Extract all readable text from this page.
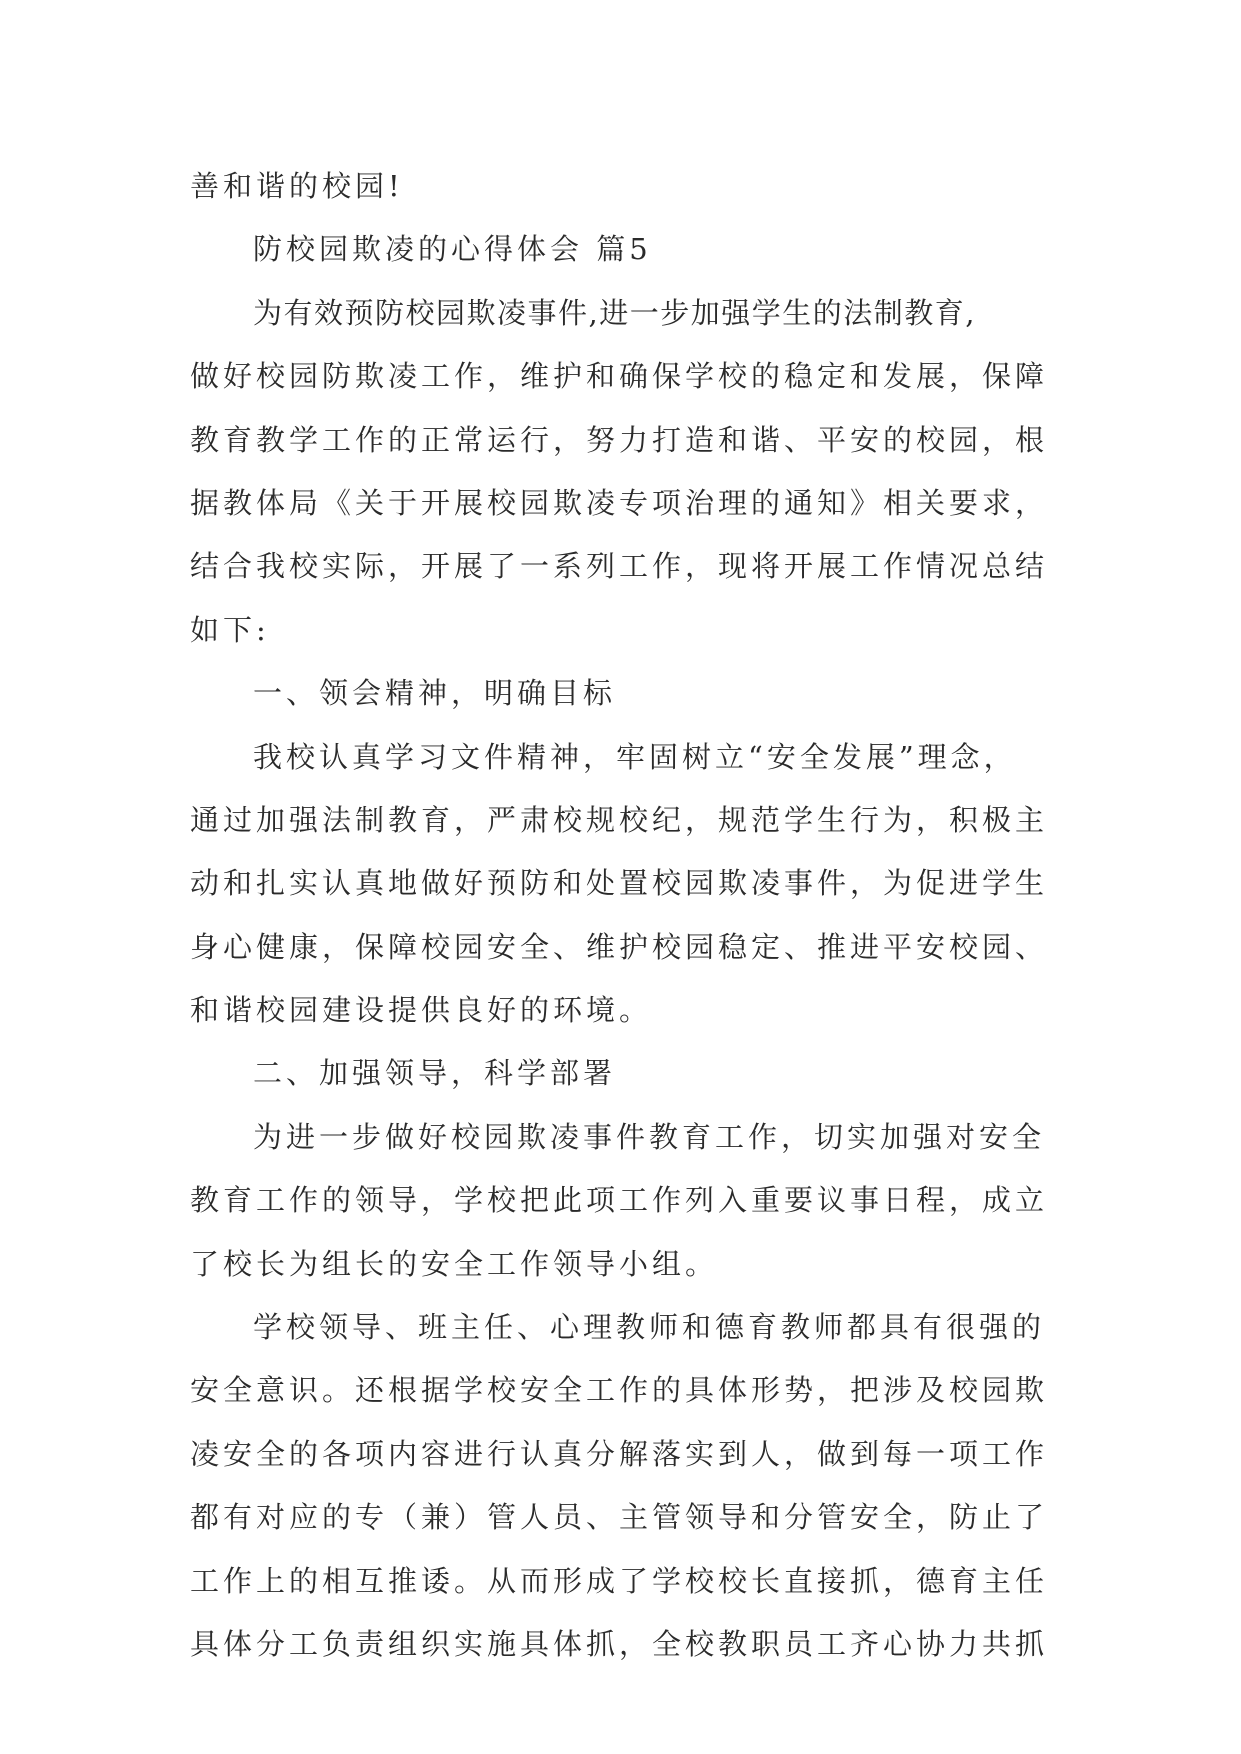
善和谐的校园!
防校园欺凌的心得体会 篇5
为有效预防校园欺凌事件,进一步加强学生的法制教育,
做好校园防欺凌工作，维护和确保学校的稳定和发展，保障
教育教学工作的正常运行，努力打造和谐、平安的校园，根
据教体局《关于开展校园欺凌专项治理的通知》相关要求，
结合我校实际，开展了一系列工作，现将开展工作情况总结
如下:
一、领会精神，明确目标
我校认真学习文件精神，牢固树立“安全发展”理念，
通过加强法制教育，严肃校规校纪，规范学生行为，积极主
动和扎实认真地做好预防和处置校园欺凌事件，为促进学生
身心健康，保障校园安全、维护校园稳定、推进平安校园、
和谐校园建设提供良好的环境。
二、加强领导，科学部署
为进一步做好校园欺凌事件教育工作，切实加强对安全
教育工作的领导，学校把此项工作列入重要议事日程，成立
了校长为组长的安全工作领导小组。
学校领导、班主任、心理教师和德育教师都具有很强的
安全意识。还根据学校安全工作的具体形势，把涉及校园欺
凌安全的各项内容进行认真分解落实到人，做到每一项工作
都有对应的专（兼）管人员、主管领导和分管安全，防止了
工作上的相互推诿。从而形成了学校校长直接抓，德育主任
具体分工负责组织实施具体抓，全校教职员工齐心协力共抓
